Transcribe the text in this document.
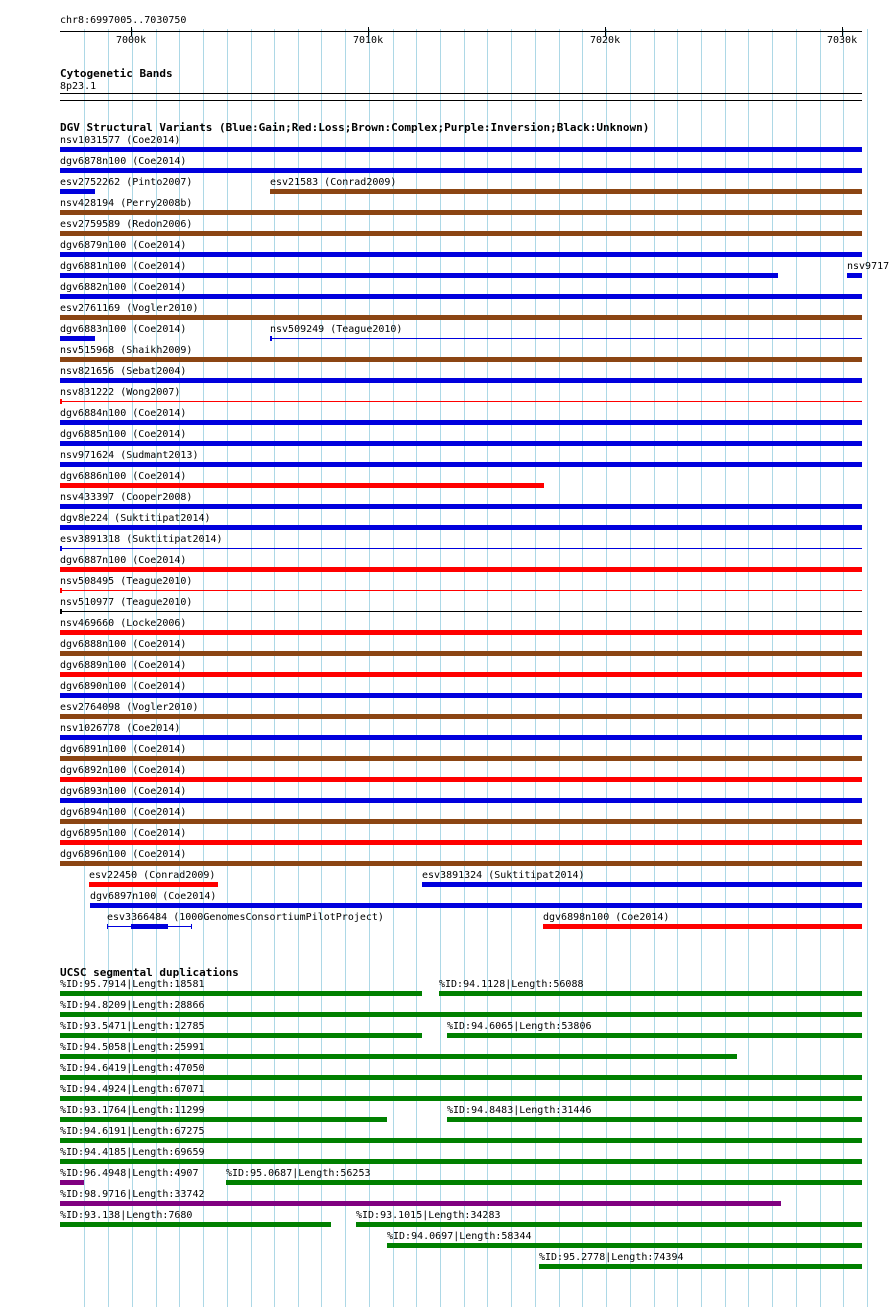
chr8:6997005..7030750
7000k	7010k	7020k	7030k
Cytogenetic Bands
8p23.1
DGV Structural Variants (Blue:Gain;Red:Loss;Brown:Complex;Purple:Inversion;Black:Unknown)
nsv1031577 (Coe2014)
dgv6878n100 (Coe2014)
esv2752262 (Pinto2007)	esv21583 (Conrad2009)
nsv428194 (Perry2008b)
esv2759589 (Redon2006)
dgv6879n100 (Coe2014)
dgv6881n100 (Coe2014)	nsv9717
dgv6882n100 (Coe2014)
esv2761169 (Vogler2010)
dgv6883n100 (Coe2014)	nsv509249 (Teague2010)
nsv515968 (Shaikh2009)
nsv821656 (Sebat2004)
nsv831222 (Wong2007)
dgv6884n100 (Coe2014)
dgv6885n100 (Coe2014)
nsv971624 (Sudmant2013)
dgv6886n100 (Coe2014)
nsv433397 (Cooper2008)
dgv8e224 (Suktitipat2014)
esv3891318 (Suktitipat2014)
dgv6887n100 (Coe2014)
nsv508495 (Teague2010)
nsv510977 (Teague2010)
nsv469660 (Locke2006)
dgv6888n100 (Coe2014)
dgv6889n100 (Coe2014)
dgv6890n100 (Coe2014)
esv2764098 (Vogler2010)
nsv1026778 (Coe2014)
dgv6891n100 (Coe2014)
dgv6892n100 (Coe2014)
dgv6893n100 (Coe2014)
dgv6894n100 (Coe2014)
dgv6895n100 (Coe2014)
dgv6896n100 (Coe2014)
esv22450 (Conrad2009)	esv3891324 (Suktitipat2014)
dgv6897n100 (Coe2014)
esv3366484 (1000GenomesConsortiumPilotProject)	dgv6898n100 (Coe2014)
UCSC segmental duplications
%ID:95.7914|Length:18581	%ID:94.1128|Length:56088
%ID:94.8209|Length:28866
%ID:93.5471|Length:12785	%ID:94.6065|Length:53806
%ID:94.5058|Length:25991
%ID:94.6419|Length:47050
%ID:94.4924|Length:67071
%ID:93.1764|Length:11299	%ID:94.8483|Length:31446
%ID:94.6191|Length:67275
%ID:94.4185|Length:69659
%ID:96.4948|Length:4907	%ID:95.0687|Length:56253
%ID:98.9716|Length:33742
%ID:93.138|Length:7680	%ID:93.1015|Length:34283
%ID:94.0697|Length:58344
%ID:95.2778|Length:74394
